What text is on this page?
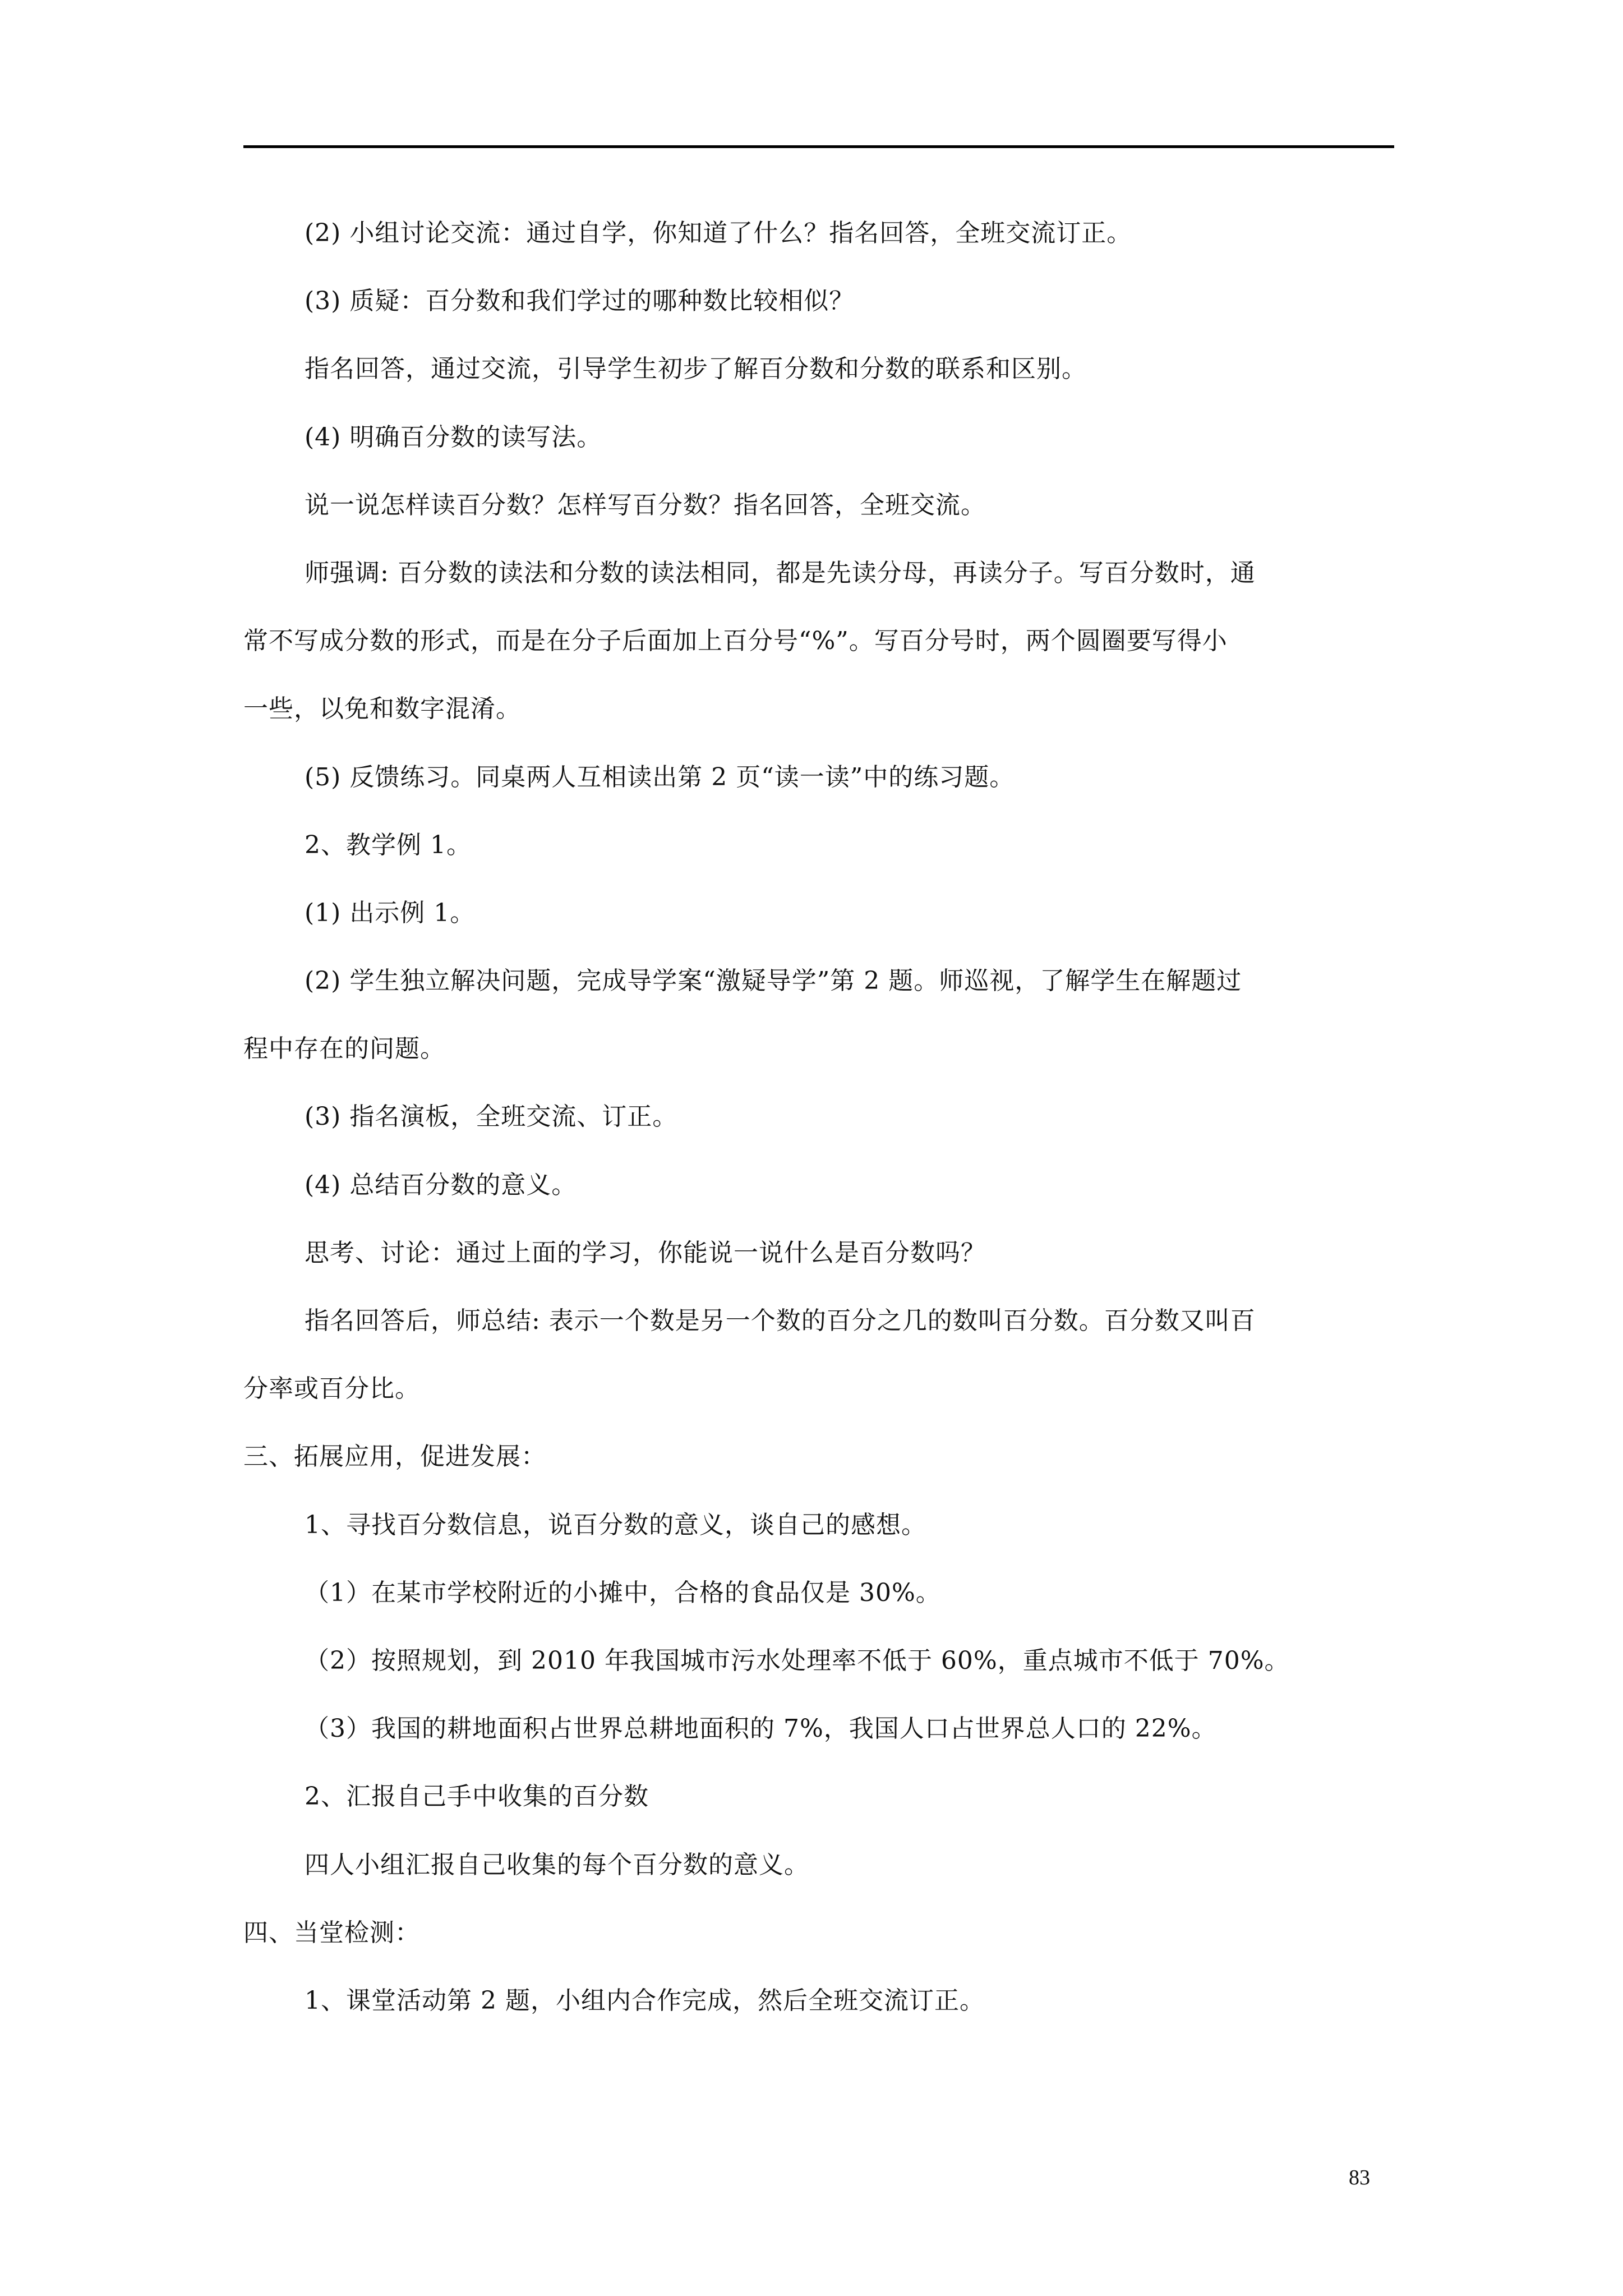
(2) 小组讨论交流：通过自学，你知道了什么？指名回答，全班交流订正。
(3) 质疑：百分数和我们学过的哪种数比较相似？
指名回答，通过交流，引导学生初步了解百分数和分数的联系和区别。
(4) 明确百分数的读写法。
说一说怎样读百分数？怎样写百分数？指名回答，全班交流。
师强调: 百分数的读法和分数的读法相同，都是先读分母，再读分子。写百分数时，通
常不写成分数的形式，而是在分子后面加上百分号“%”。写百分号时，两个圆圈要写得小
一些，以免和数字混淆。
(5) 反馈练习。同桌两人互相读出第 2 页“读一读”中的练习题。
2、教学例 1。
(1) 出示例 1。
(2) 学生独立解决问题，完成导学案“激疑导学”第 2 题。师巡视，了解学生在解题过
程中存在的问题。
(3) 指名演板，全班交流、订正。
(4) 总结百分数的意义。
思考、讨论：通过上面的学习，你能说一说什么是百分数吗？
指名回答后，师总结: 表示一个数是另一个数的百分之几的数叫百分数。百分数又叫百
分率或百分比。
三、拓展应用，促进发展：
1、寻找百分数信息，说百分数的意义，谈自己的感想。
（1）在某市学校附近的小摊中，合格的食品仅是 30%。
（2）按照规划，到 2010 年我国城市污水处理率不低于 60%，重点城市不低于 70%。
（3）我国的耕地面积占世界总耕地面积的 7%，我国人口占世界总人口的 22%。
2、汇报自己手中收集的百分数
四人小组汇报自己收集的每个百分数的意义。
四、当堂检测：
1、课堂活动第 2 题，小组内合作完成，然后全班交流订正。
83
